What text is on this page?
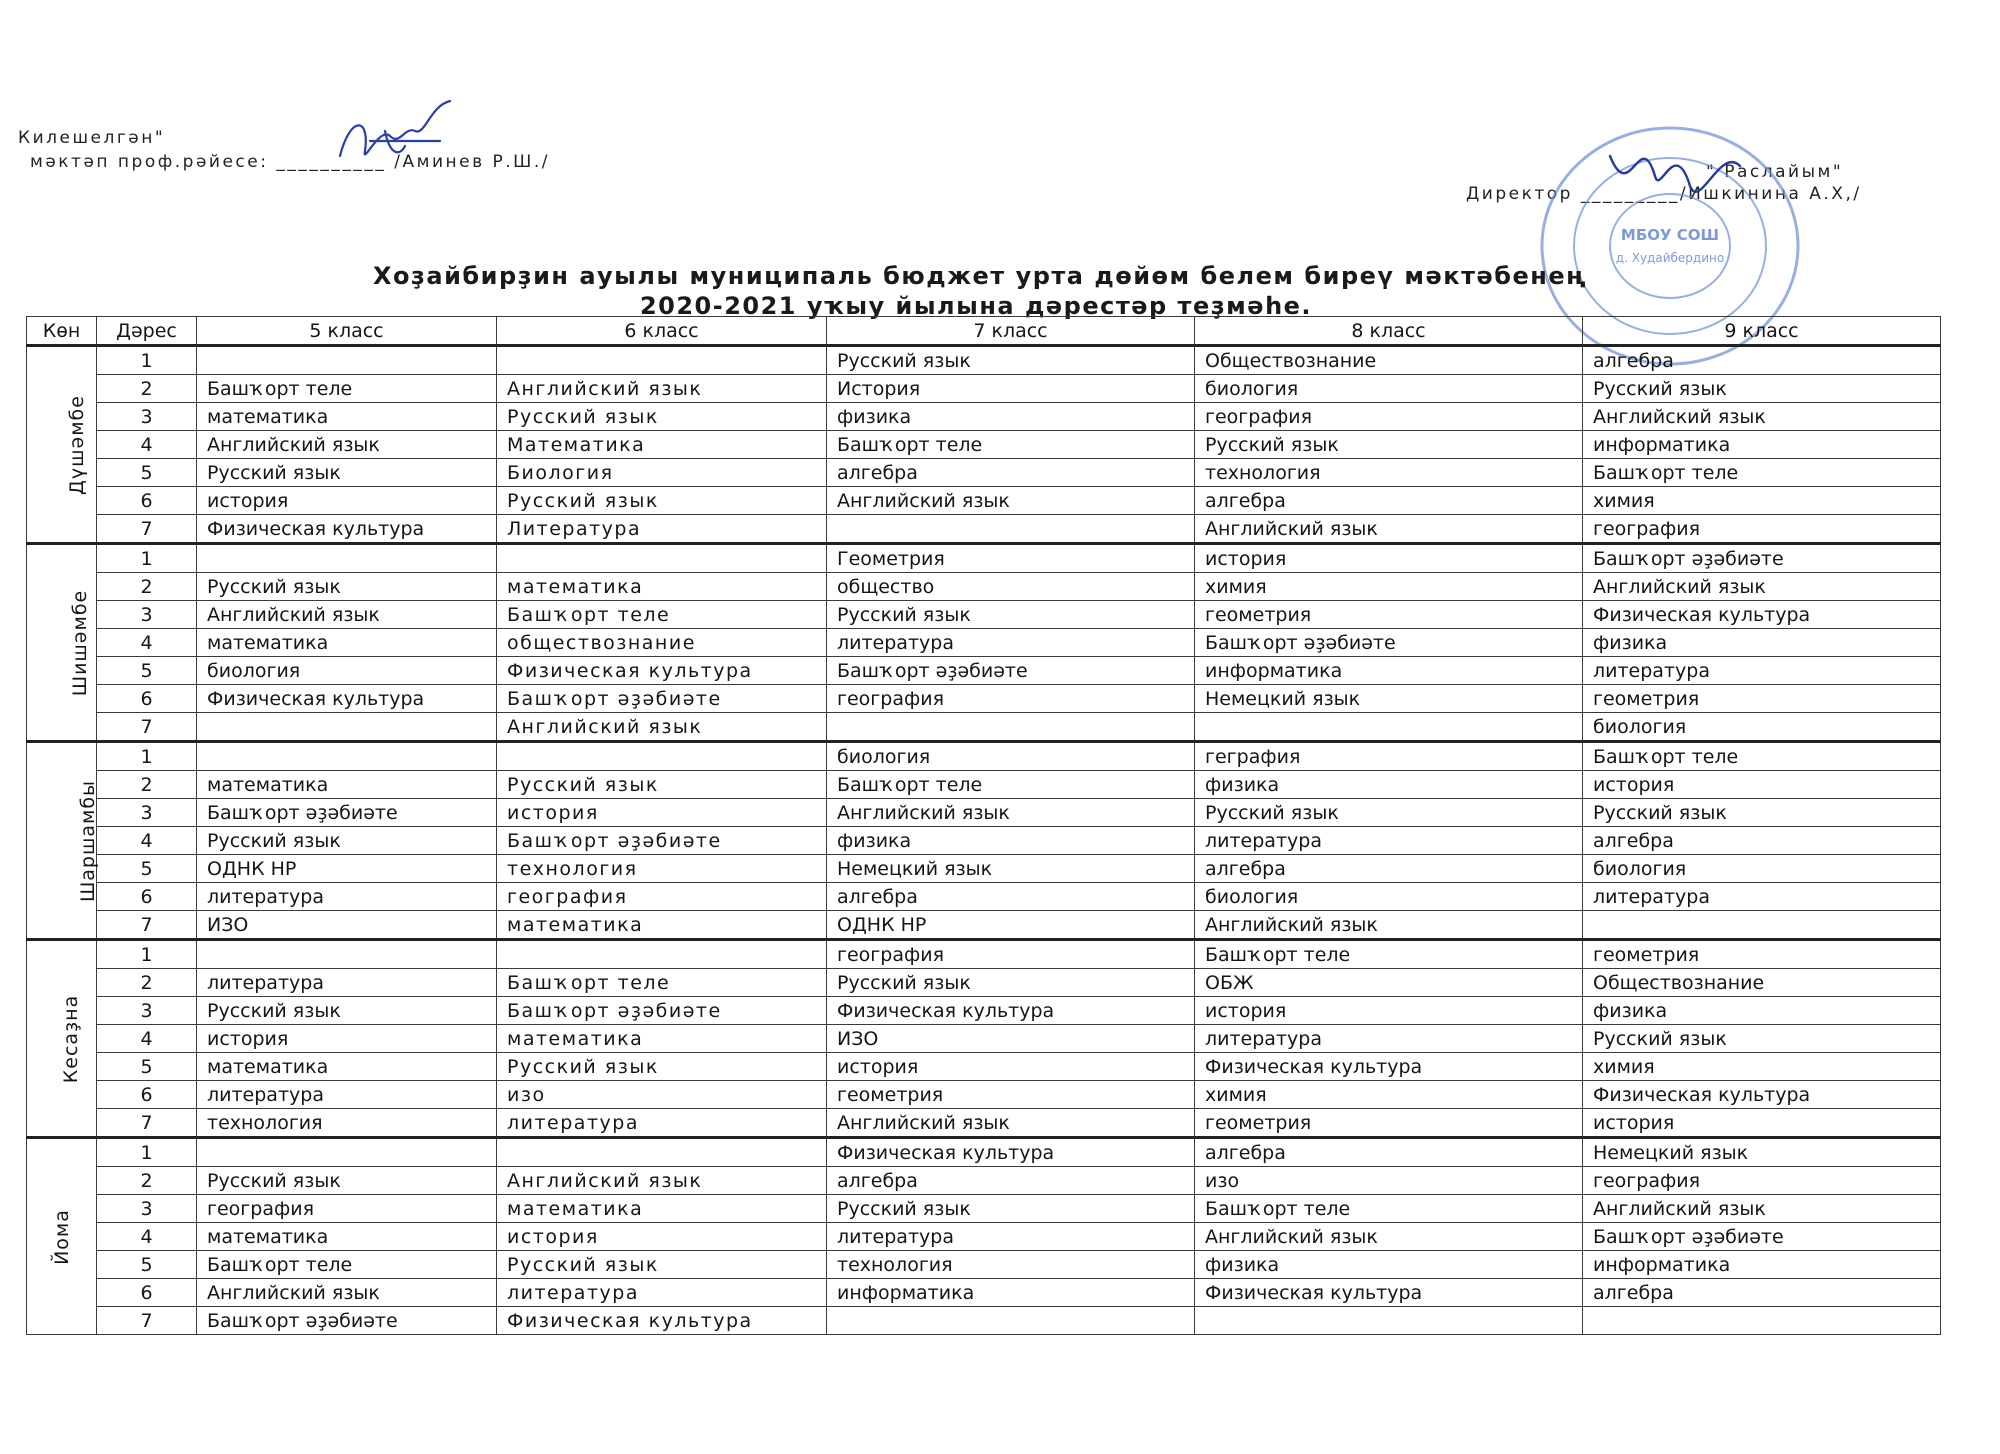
Килешелгән"
мәктәп проф.рәйесе: __________ /Аминев Р.Ш./	" Раслайым"
Директор _________/Ишкинина А.Х,/
МБОУ СОШ
д. Худайбердино
Хоҙайбирҙин ауылы муниципаль бюджет урта дөйөм белем биреү мәктәбенең
2020-2021 уҡыу йылына дәрестәр теҙмәһе.
Көн	Дәрес	5 класс	6 класс	7 класс	8 класс	9 класс
Дүшәмбе	1			Русский язык	Обществознание	алгебра
	2	Башҡорт теле	Английский язык	История	биология	Русский язык
	3	математика	Русский язык	физика	география	Английский язык
	4	Английский язык	Математика	Башҡорт теле	Русский язык	информатика
	5	Русский язык	Биология	алгебра	технология	Башҡорт теле
	6	история	Русский язык	Английский язык	алгебра	химия
	7	Физическая культура	Литература		Английский язык	география
Шишәмбе	1			Геометрия	история	Башҡорт әҙәбиәте
	2	Русский язык	математика	общество	химия	Английский язык
	3	Английский язык	Башҡорт теле	Русский язык	геометрия	Физическая культура
	4	математика	обществознание	литература	Башҡорт әҙәбиәте	физика
	5	биология	Физическая культура	Башҡорт әҙәбиәте	информатика	литература
	6	Физическая культура	Башҡорт әҙәбиәте	география	Немецкий язык	геометрия
	7		Английский язык			биология
Шаршамбы	1			биология	геграфия	Башҡорт теле
	2	математика	Русский язык	Башҡорт теле	физика	история
	3	Башҡорт әҙәбиәте	история	Английский язык	Русский язык	Русский язык
	4	Русский язык	Башҡорт әҙәбиәте	физика	литература	алгебра
	5	ОДНК НР	технология	Немецкий язык	алгебра	биология
	6	литература	география	алгебра	биология	литература
	7	ИЗО	математика	ОДНК НР	Английский язык	
Кесаҙна	1			география	Башҡорт теле	геометрия
	2	литература	Башҡорт теле	Русский язык	ОБЖ	Обществознание
	3	Русский язык	Башҡорт әҙәбиәте	Физическая культура	история	физика
	4	история	математика	ИЗО	литература	Русский язык
	5	математика	Русский язык	история	Физическая культура	химия
	6	литература	изо	геометрия	химия	Физическая культура
	7	технология	литература	Английский язык	геометрия	история
Йома	1			Физическая культура	алгебра	Немецкий язык
	2	Русский язык	Английский язык	алгебра	изо	география
	3	география	математика	Русский язык	Башҡорт теле	Английский язык
	4	математика	история	литература	Английский язык	Башҡорт әҙәбиәте
	5	Башҡорт теле	Русский язык	технология	физика	информатика
	6	Английский язык	литература	информатика	Физическая культура	алгебра
	7	Башҡорт әҙәбиәте	Физическая культура			
